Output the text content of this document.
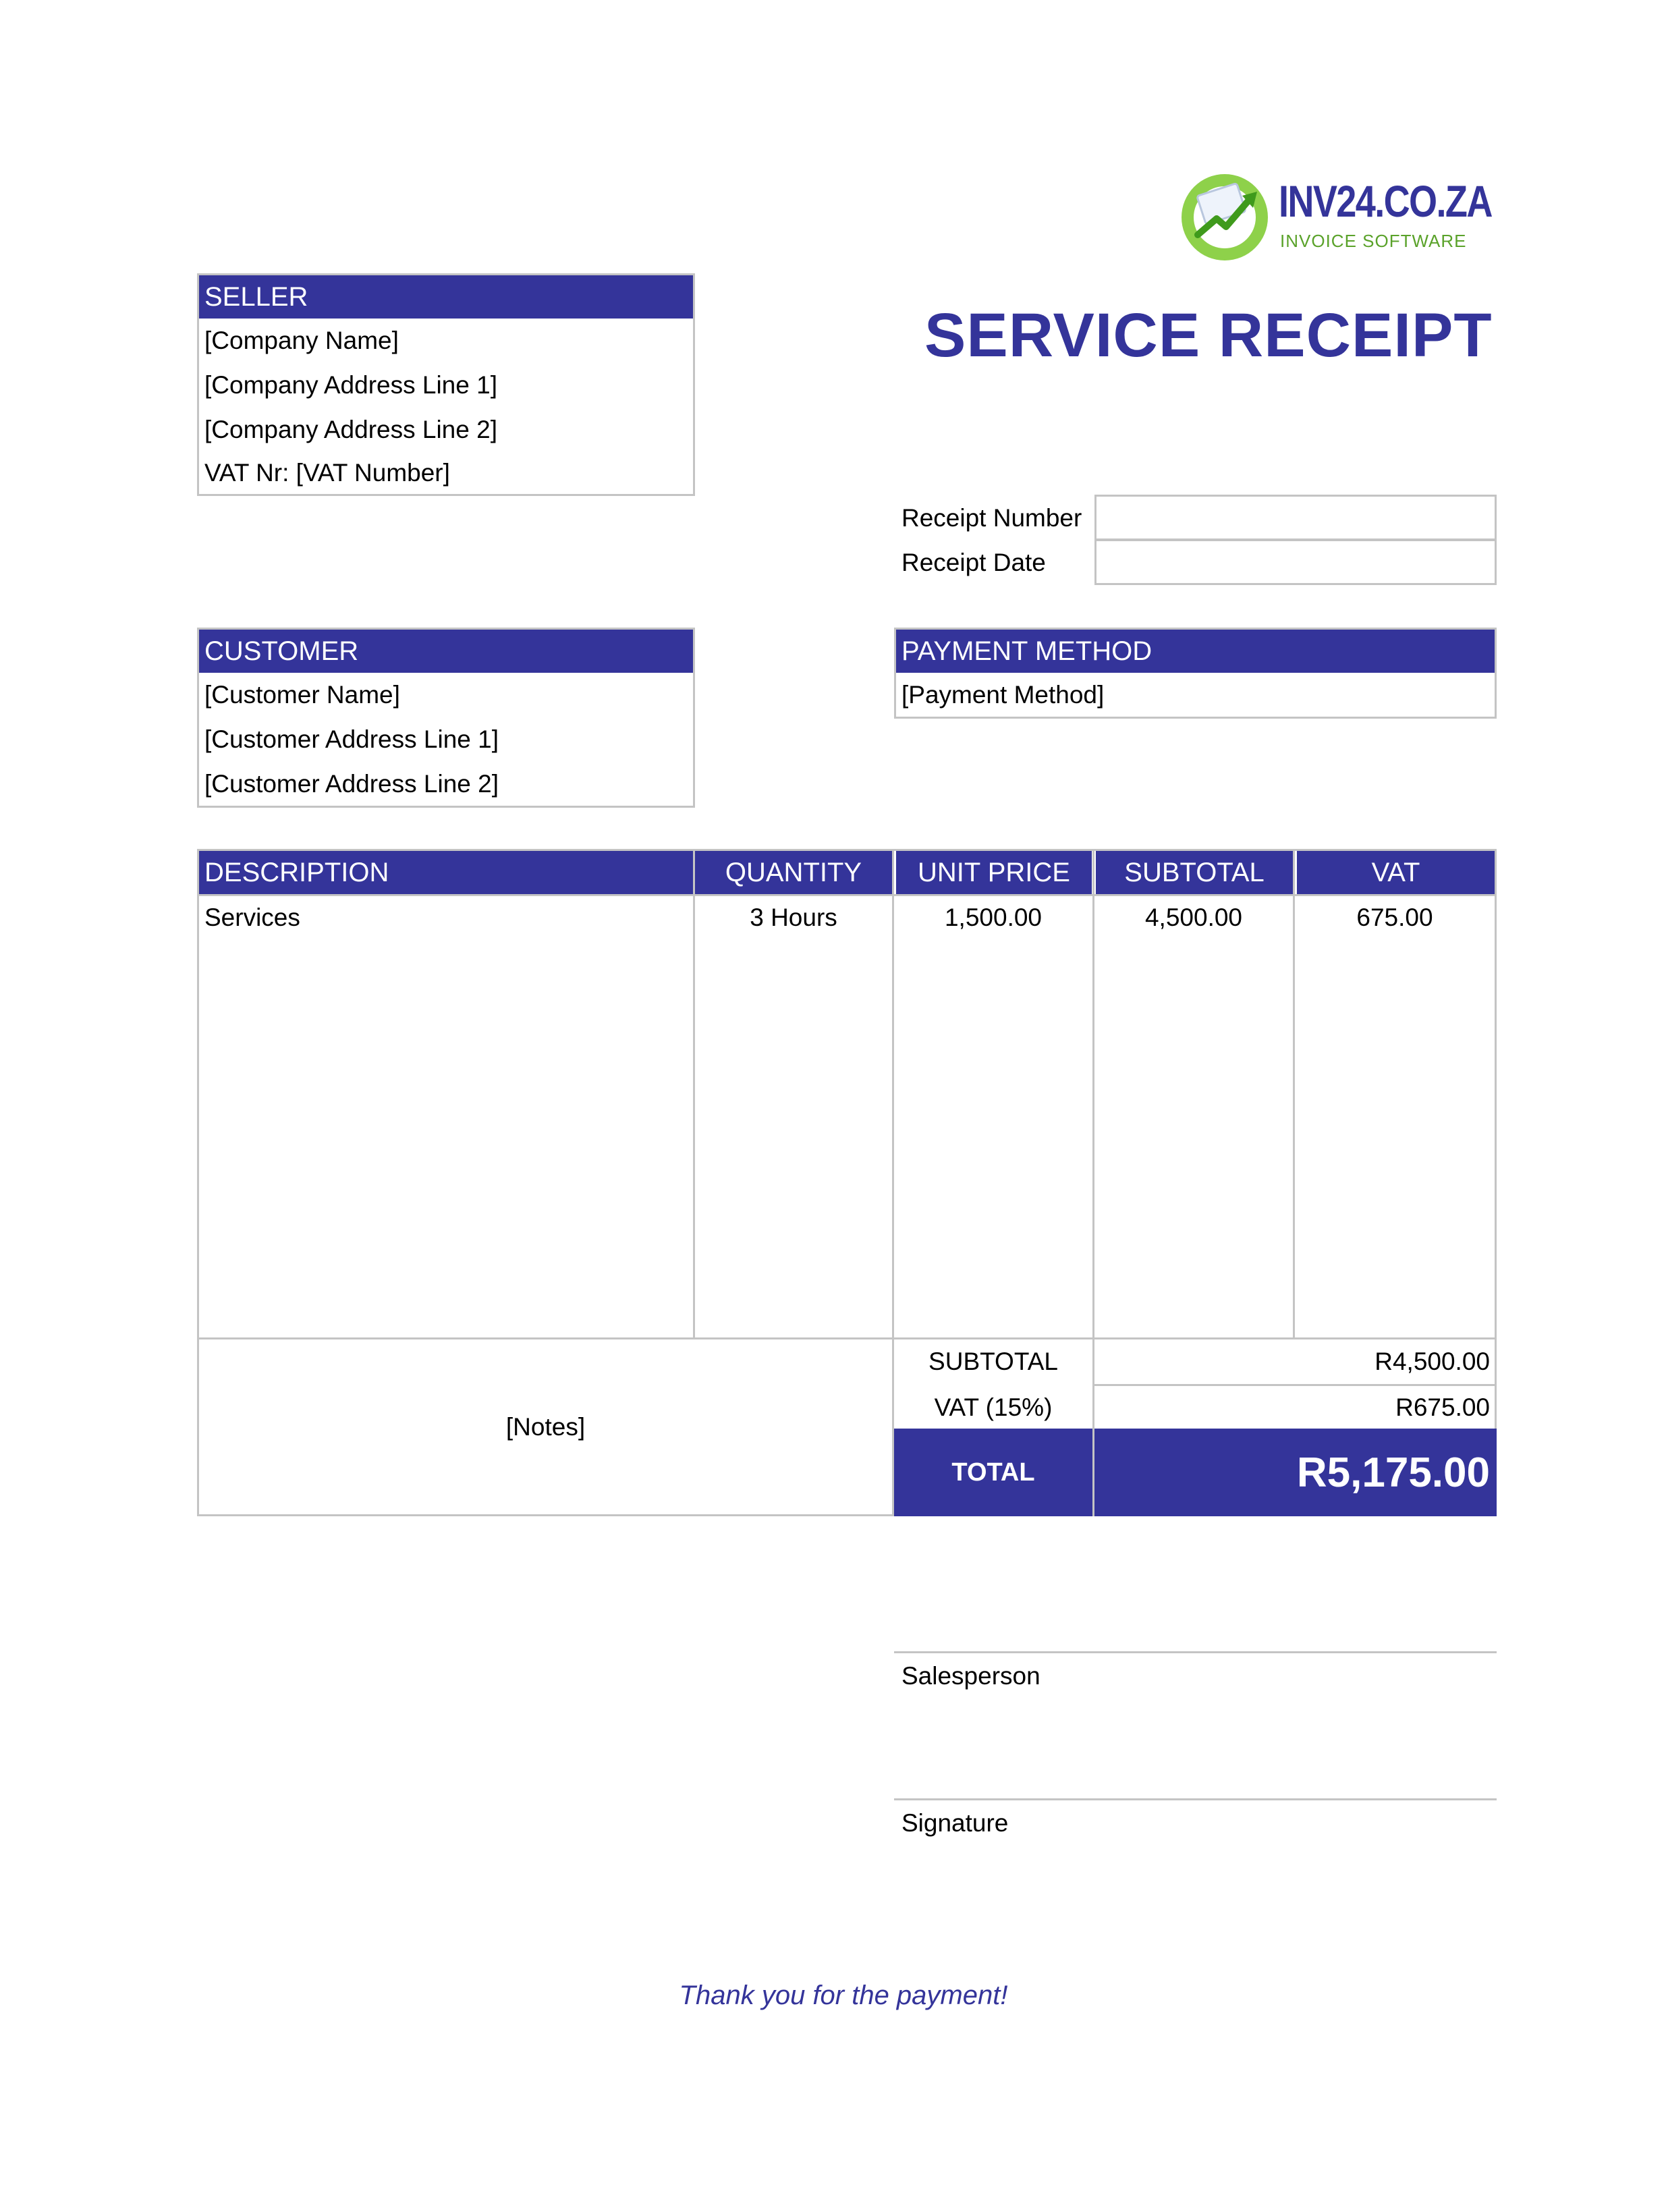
INV24.CO.ZA
INVOICE SOFTWARE
SERVICE RECEIPT
SELLER
[Company Name]
[Company Address Line 1]
[Company Address Line 2]
VAT Nr: [VAT Number]
Receipt Number
Receipt Date
CUSTOMER
[Customer Name]
[Customer Address Line 1]
[Customer Address Line 2]
PAYMENT METHOD
[Payment Method]
DESCRIPTION	QUANTITY	UNIT PRICE	SUBTOTAL	VAT
Services	3 Hours	1,500.00	4,500.00	675.00
[Notes]
SUBTOTAL	R4,500.00
VAT (15%)	R675.00
TOTAL	R5,175.00
Salesperson
Signature
Thank you for the payment!
